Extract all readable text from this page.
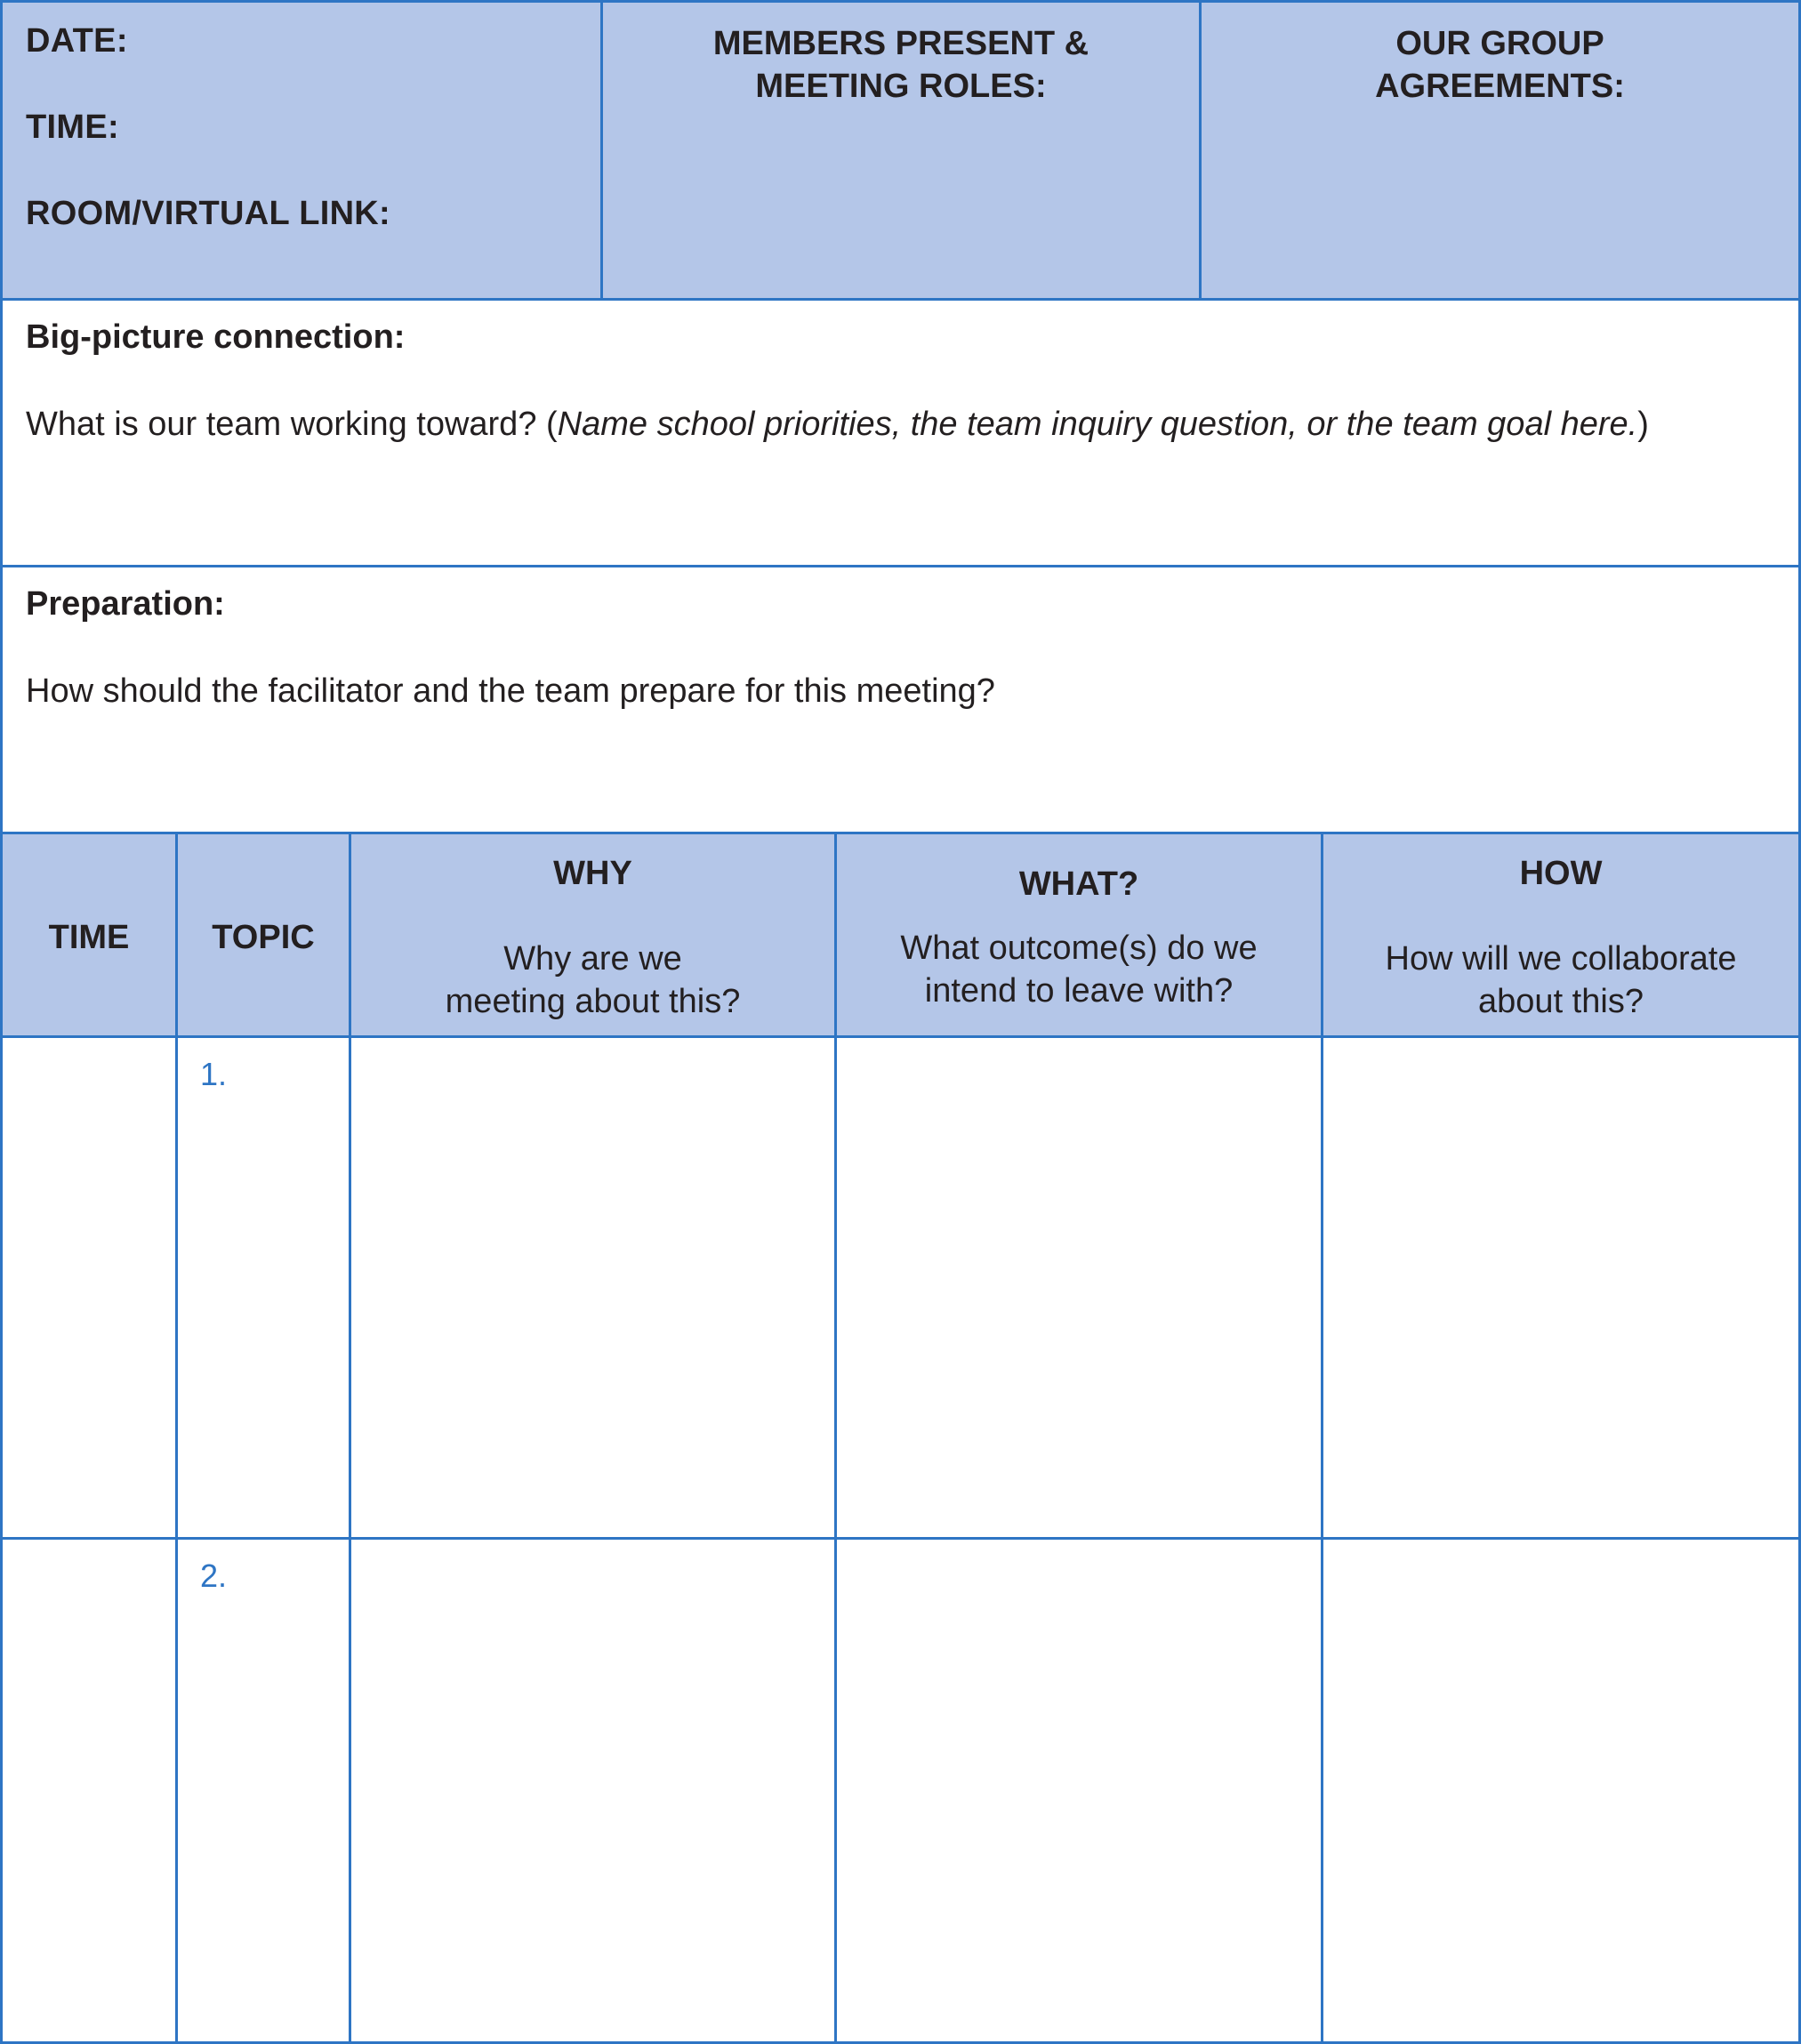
DATE:
TIME:
ROOM/VIRTUAL LINK:
MEMBERS PRESENT &
MEETING ROLES:
OUR GROUP
AGREEMENTS:
Big-picture connection:
What is our team working toward? (Name school priorities, the team inquiry question, or the team goal here.)
Preparation:
How should the facilitator and the team prepare for this meeting?
TIME	TOPIC
WHY
Why are we
meeting about this?
WHAT?
What outcome(s) do we
intend to leave with?
HOW
How will we collaborate
about this?
1.
2.
